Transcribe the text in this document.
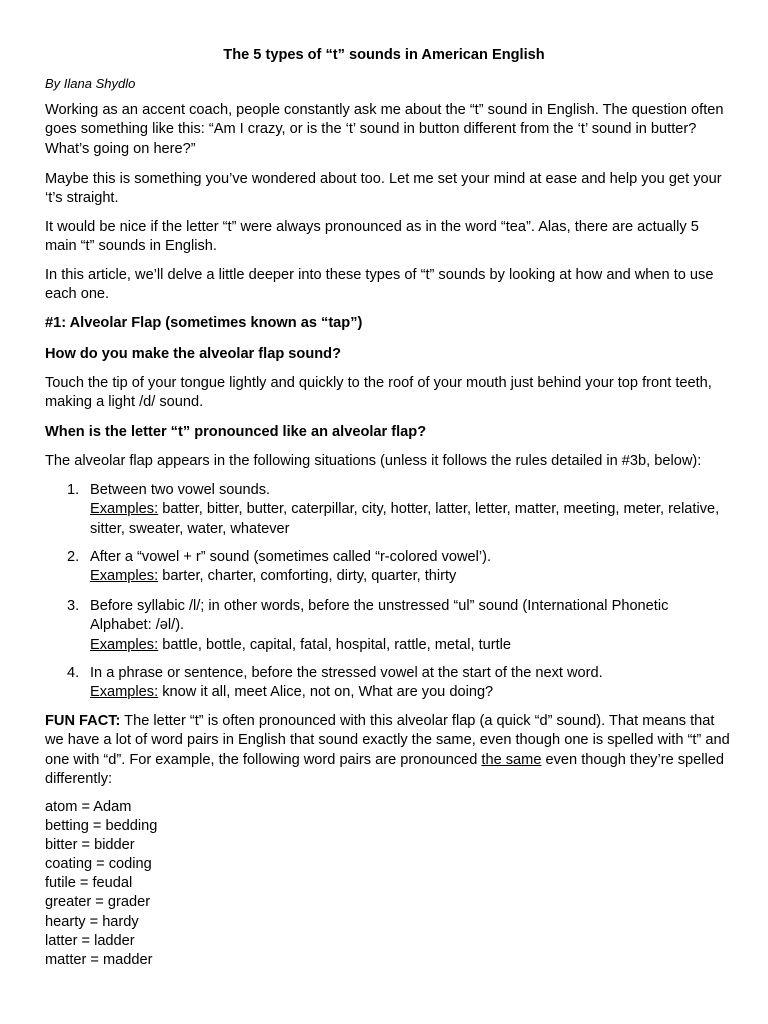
The 5 types of “t” sounds in American English
By Ilana Shydlo
Working as an accent coach, people constantly ask me about the “t” sound in English. The question often goes something like this: “Am I crazy, or is the ‘t’ sound in button different from the ‘t’ sound in butter? What’s going on here?”
Maybe this is something you’ve wondered about too. Let me set your mind at ease and help you get your ‘t’s straight.
It would be nice if the letter “t” were always pronounced as in the word “tea”. Alas, there are actually 5 main “t” sounds in English.
In this article, we’ll delve a little deeper into these types of “t” sounds by looking at how and when to use each one.
#1: Alveolar Flap (sometimes known as “tap”)
How do you make the alveolar flap sound?
Touch the tip of your tongue lightly and quickly to the roof of your mouth just behind your top front teeth, making a light /d/ sound.
When is the letter “t” pronounced like an alveolar flap?
The alveolar flap appears in the following situations (unless it follows the rules detailed in #3b, below):
1. Between two vowel sounds.
Examples: batter, bitter, butter, caterpillar, city, hotter, latter, letter, matter, meeting, meter, relative, sitter, sweater, water, whatever
2. After a “vowel + r” sound (sometimes called “r-colored vowel’).
Examples: barter, charter, comforting, dirty, quarter, thirty
3. Before syllabic /l/; in other words, before the unstressed “ul” sound (International Phonetic Alphabet: /əl/).
Examples: battle, bottle, capital, fatal, hospital, rattle, metal, turtle
4. In a phrase or sentence, before the stressed vowel at the start of the next word.
Examples: know it all, meet Alice, not on, What are you doing?
FUN FACT: The letter “t” is often pronounced with this alveolar flap (a quick “d” sound). That means that we have a lot of word pairs in English that sound exactly the same, even though one is spelled with “t” and one with “d”. For example, the following word pairs are pronounced the same even though they’re spelled differently:
atom = Adam
betting = bedding
bitter = bidder
coating = coding
futile = feudal
greater = grader
hearty = hardy
latter = ladder
matter = madder
